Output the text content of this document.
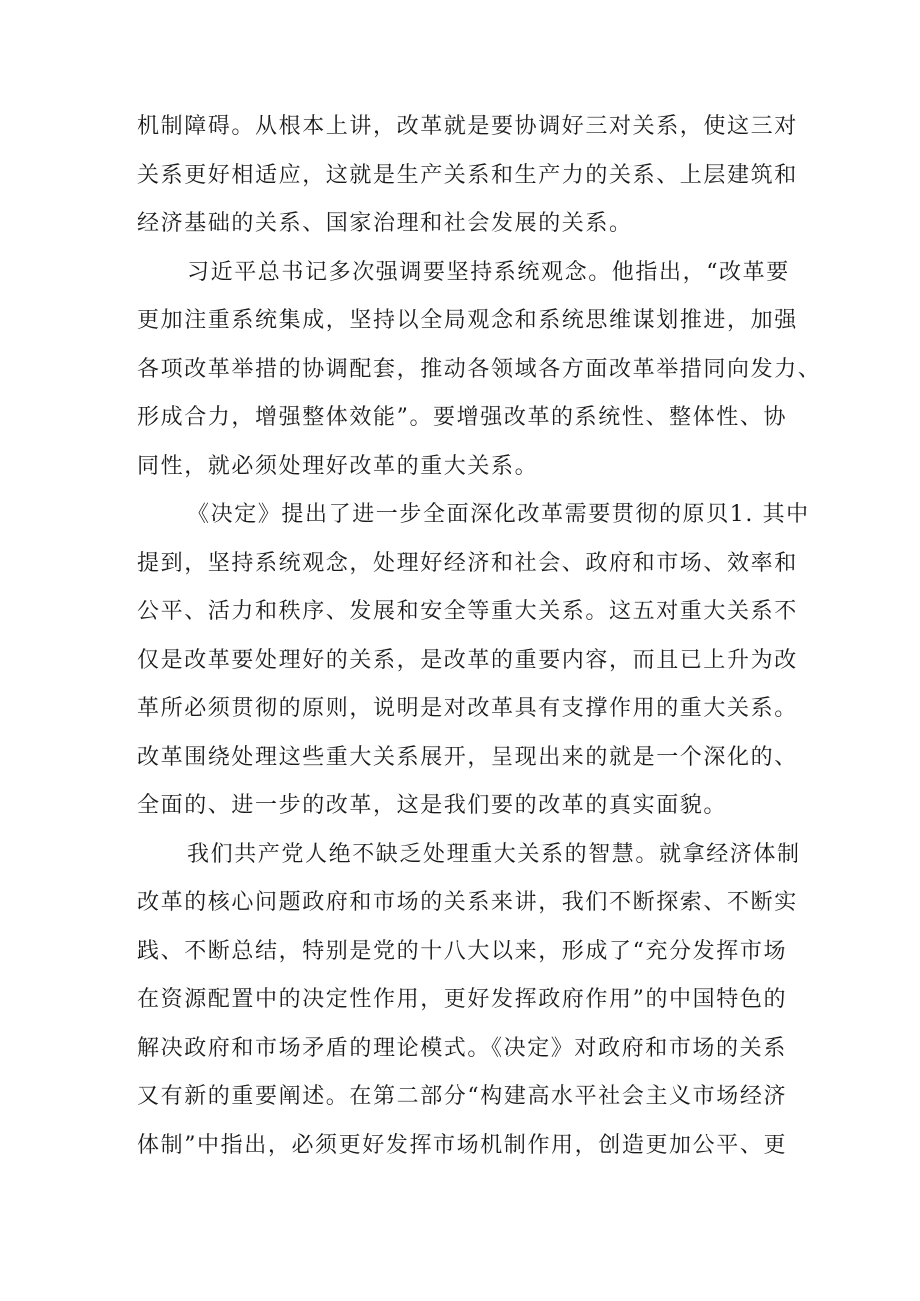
机制障碍。从根本上讲，改革就是要协调好三对关系，使这三对
关系更好相适应，这就是生产关系和生产力的关系、上层建筑和
经济基础的关系、国家治理和社会发展的关系。
习近平总书记多次强调要坚持系统观念。他指出，“改革要
更加注重系统集成，坚持以全局观念和系统思维谋划推进，加强
各项改革举措的协调配套，推动各领域各方面改革举措同向发力、
形成合力，增强整体效能”。要增强改革的系统性、整体性、协
同性，就必须处理好改革的重大关系。
《决定》提出了进一步全面深化改革需要贯彻的原贝1. 其中
提到，坚持系统观念，处理好经济和社会、政府和市场、效率和
公平、活力和秩序、发展和安全等重大关系。这五对重大关系不
仅是改革要处理好的关系，是改革的重要内容，而且已上升为改
革所必须贯彻的原则，说明是对改革具有支撑作用的重大关系。
改革围绕处理这些重大关系展开，呈现出来的就是一个深化的、
全面的、进一步的改革，这是我们要的改革的真实面貌。
我们共产党人绝不缺乏处理重大关系的智慧。就拿经济体制
改革的核心问题政府和市场的关系来讲，我们不断探索、不断实
践、不断总结，特别是党的十八大以来，形成了“充分发挥市场
在资源配置中的决定性作用，更好发挥政府作用”的中国特色的
解决政府和市场矛盾的理论模式。《决定》对政府和市场的关系
又有新的重要阐述。在第二部分“构建高水平社会主义市场经济
体制”中指出，必须更好发挥市场机制作用，创造更加公平、更
